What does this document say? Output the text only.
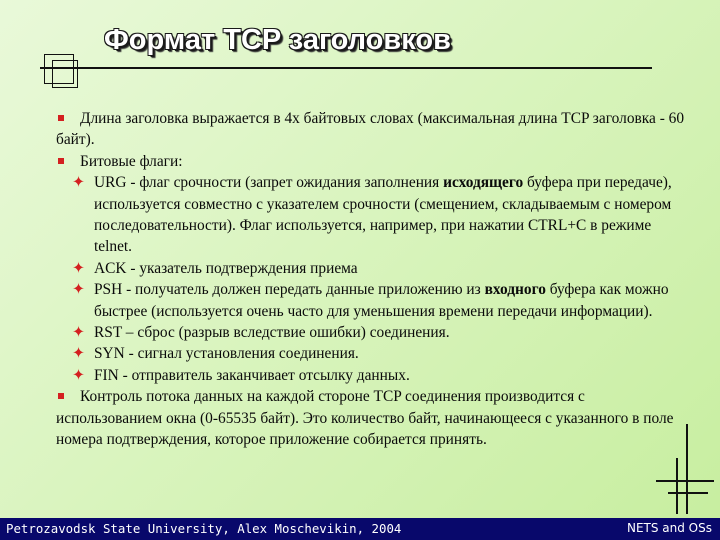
Формат TCP заголовков

Длина заголовка выражается в 4х байтовых словах (максимальная длина TCP заголовка - 60 байт).

Битовые флаги:

✦ URG - флаг срочности (запрет ожидания заполнения исходящего буфера при передаче), используется совместно с указателем срочности (смещением, складываемым с номером последовательности). Флаг используется, например, при нажатии CTRL+C в режиме telnet.

✦ ACK - указатель подтверждения приема

✦ PSH - получатель должен передать данные приложению из входного буфера как можно быстрее (используется очень часто для уменьшения времени передачи информации).

✦ RST – сброс (разрыв вследствие ошибки) соединения.

✦ SYN - сигнал установления соединения.

✦ FIN - отправитель заканчивает отсылку данных.

Контроль потока данных на каждой стороне TCP соединения производится с использованием окна (0-65535 байт). Это количество байт, начинающееся с указанного в поле номера подтверждения, которое приложение собирается принять.

Petrozavodsk State University, Alex Moschevikin, 2004	NETS and OSs
